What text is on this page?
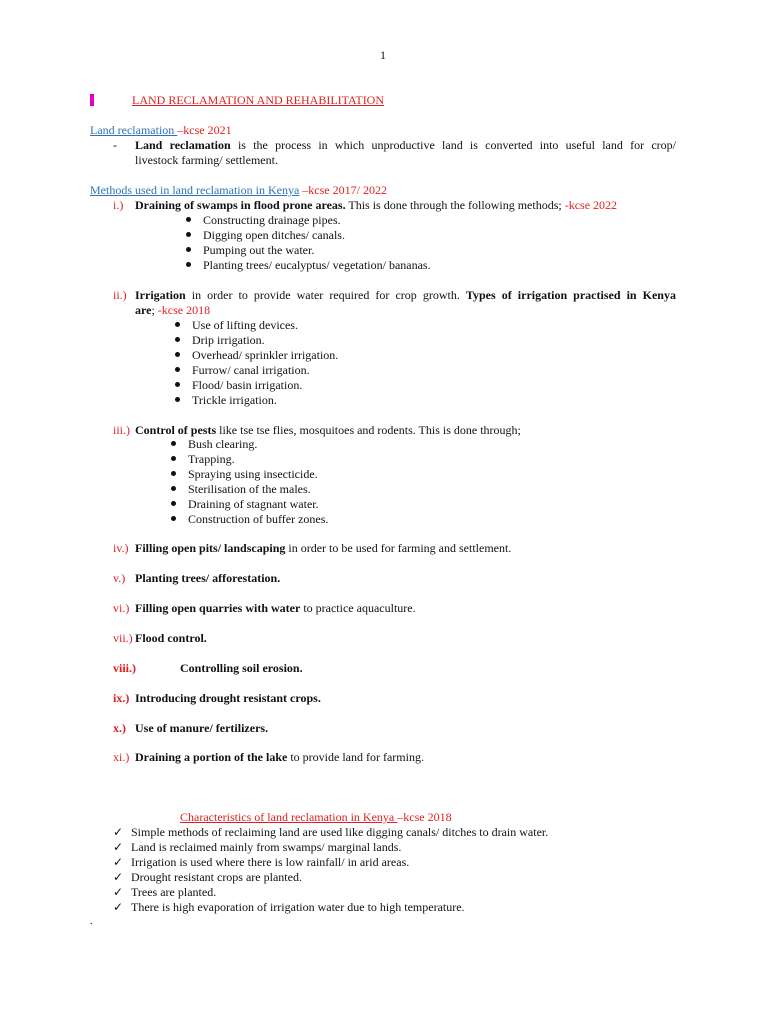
1
LAND RECLAMATION AND REHABILITATION
Land reclamation –kcse 2021
- Land reclamation is the process in which unproductive land is converted into useful land for crop/
livestock farming/ settlement.
Methods used in land reclamation in Kenya –kcse 2017/ 2022
i.) Draining of swamps in flood prone areas. This is done through the following methods; -kcse 2022
Constructing drainage pipes.
Digging open ditches/ canals.
Pumping out the water.
Planting trees/ eucalyptus/ vegetation/ bananas.
ii.) Irrigation in order to provide water required for crop growth. Types of irrigation practised in Kenya
are; -kcse 2018
Use of lifting devices.
Drip irrigation.
Overhead/ sprinkler irrigation.
Furrow/ canal irrigation.
Flood/ basin irrigation.
Trickle irrigation.
iii.) Control of pests like tse tse flies, mosquitoes and rodents. This is done through;
Bush clearing.
Trapping.
Spraying using insecticide.
Sterilisation of the males.
Draining of stagnant water.
Construction of buffer zones.
iv.) Filling open pits/ landscaping in order to be used for farming and settlement.
v.) Planting trees/ afforestation.
vi.) Filling open quarries with water to practice aquaculture.
vii.) Flood control.
viii.)	Controlling soil erosion.
ix.) Introducing drought resistant crops.
x.) Use of manure/ fertilizers.
xi.) Draining a portion of the lake to provide land for farming.
Characteristics of land reclamation in Kenya –kcse 2018
✓ Simple methods of reclaiming land are used like digging canals/ ditches to drain water.
✓ Land is reclaimed mainly from swamps/ marginal lands.
✓ Irrigation is used where there is low rainfall/ in arid areas.
✓ Drought resistant crops are planted.
✓ Trees are planted.
✓ There is high evaporation of irrigation water due to high temperature.
.
